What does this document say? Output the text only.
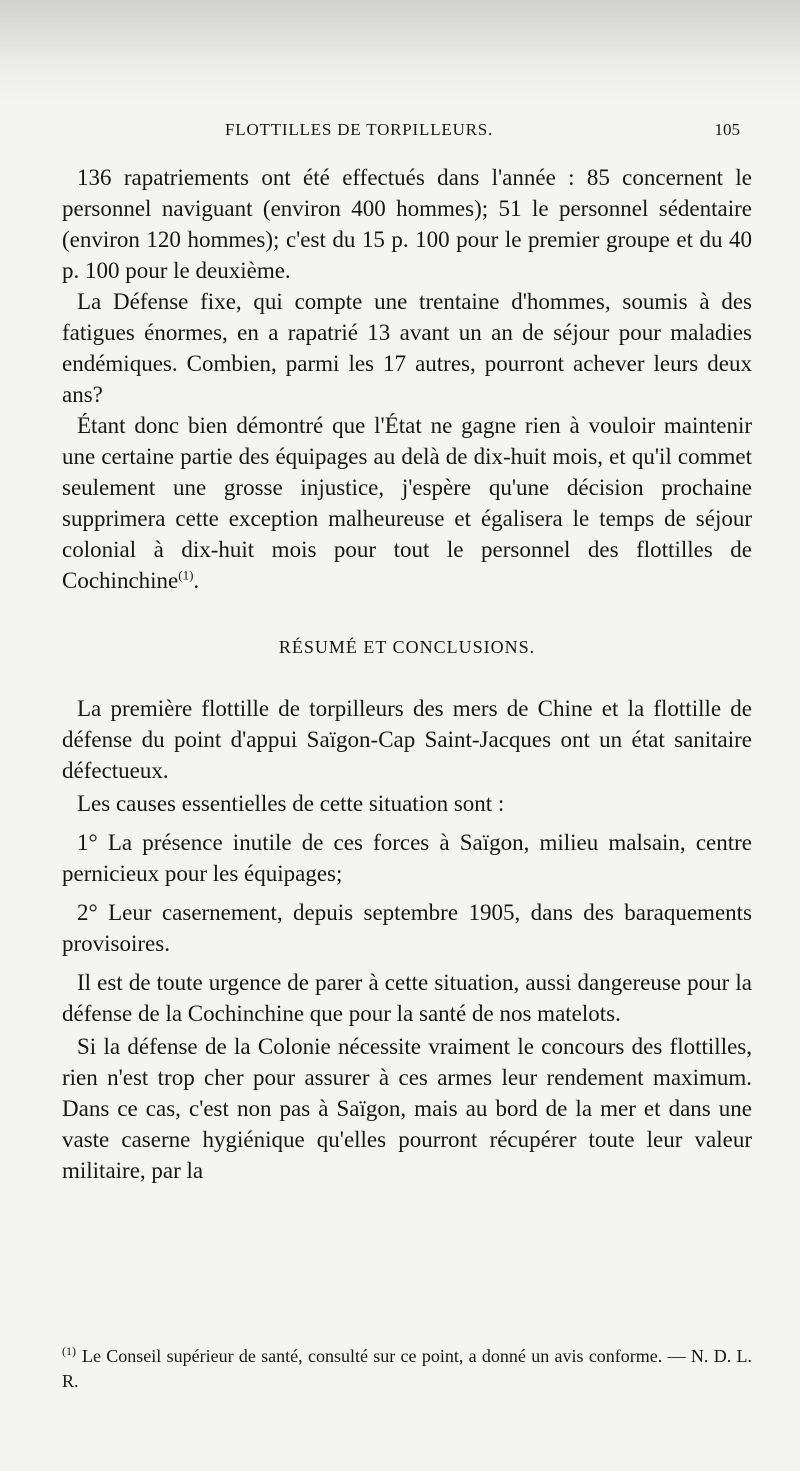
FLOTTILLES DE TORPILLEURS.	105

136 rapatriements ont été effectués dans l'année : 85 concernent le personnel naviguant (environ 400 hommes); 51 le personnel sédentaire (environ 120 hommes); c'est du 15 p. 100 pour le premier groupe et du 40 p. 100 pour le deuxième.

La Défense fixe, qui compte une trentaine d'hommes, soumis à des fatigues énormes, en a rapatrié 13 avant un an de séjour pour maladies endémiques. Combien, parmi les 17 autres, pourront achever leurs deux ans?

Étant donc bien démontré que l'État ne gagne rien à vouloir maintenir une certaine partie des équipages au delà de dix-huit mois, et qu'il commet seulement une grosse injustice, j'espère qu'une décision prochaine supprimera cette exception malheureuse et égalisera le temps de séjour colonial à dix-huit mois pour tout le personnel des flottilles de Cochinchine$^{(1)}$.

RÉSUMÉ ET CONCLUSIONS.

La première flottille de torpilleurs des mers de Chine et la flottille de défense du point d'appui Saïgon-Cap Saint-Jacques ont un état sanitaire défectueux.

Les causes essentielles de cette situation sont :

1° La présence inutile de ces forces à Saïgon, milieu malsain, centre pernicieux pour les équipages;

2° Leur casernement, depuis septembre 1905, dans des baraquements provisoires.

Il est de toute urgence de parer à cette situation, aussi dangereuse pour la défense de la Cochinchine que pour la santé de nos matelots.

Si la défense de la Colonie nécessite vraiment le concours des flottilles, rien n'est trop cher pour assurer à ces armes leur rendement maximum. Dans ce cas, c'est non pas à Saïgon, mais au bord de la mer et dans une vaste caserne hygiénique qu'elles pourront récupérer toute leur valeur militaire, par la

$^{(1)}$ Le Conseil supérieur de santé, consulté sur ce point, a donné un avis conforme. — N. D. L. R.
